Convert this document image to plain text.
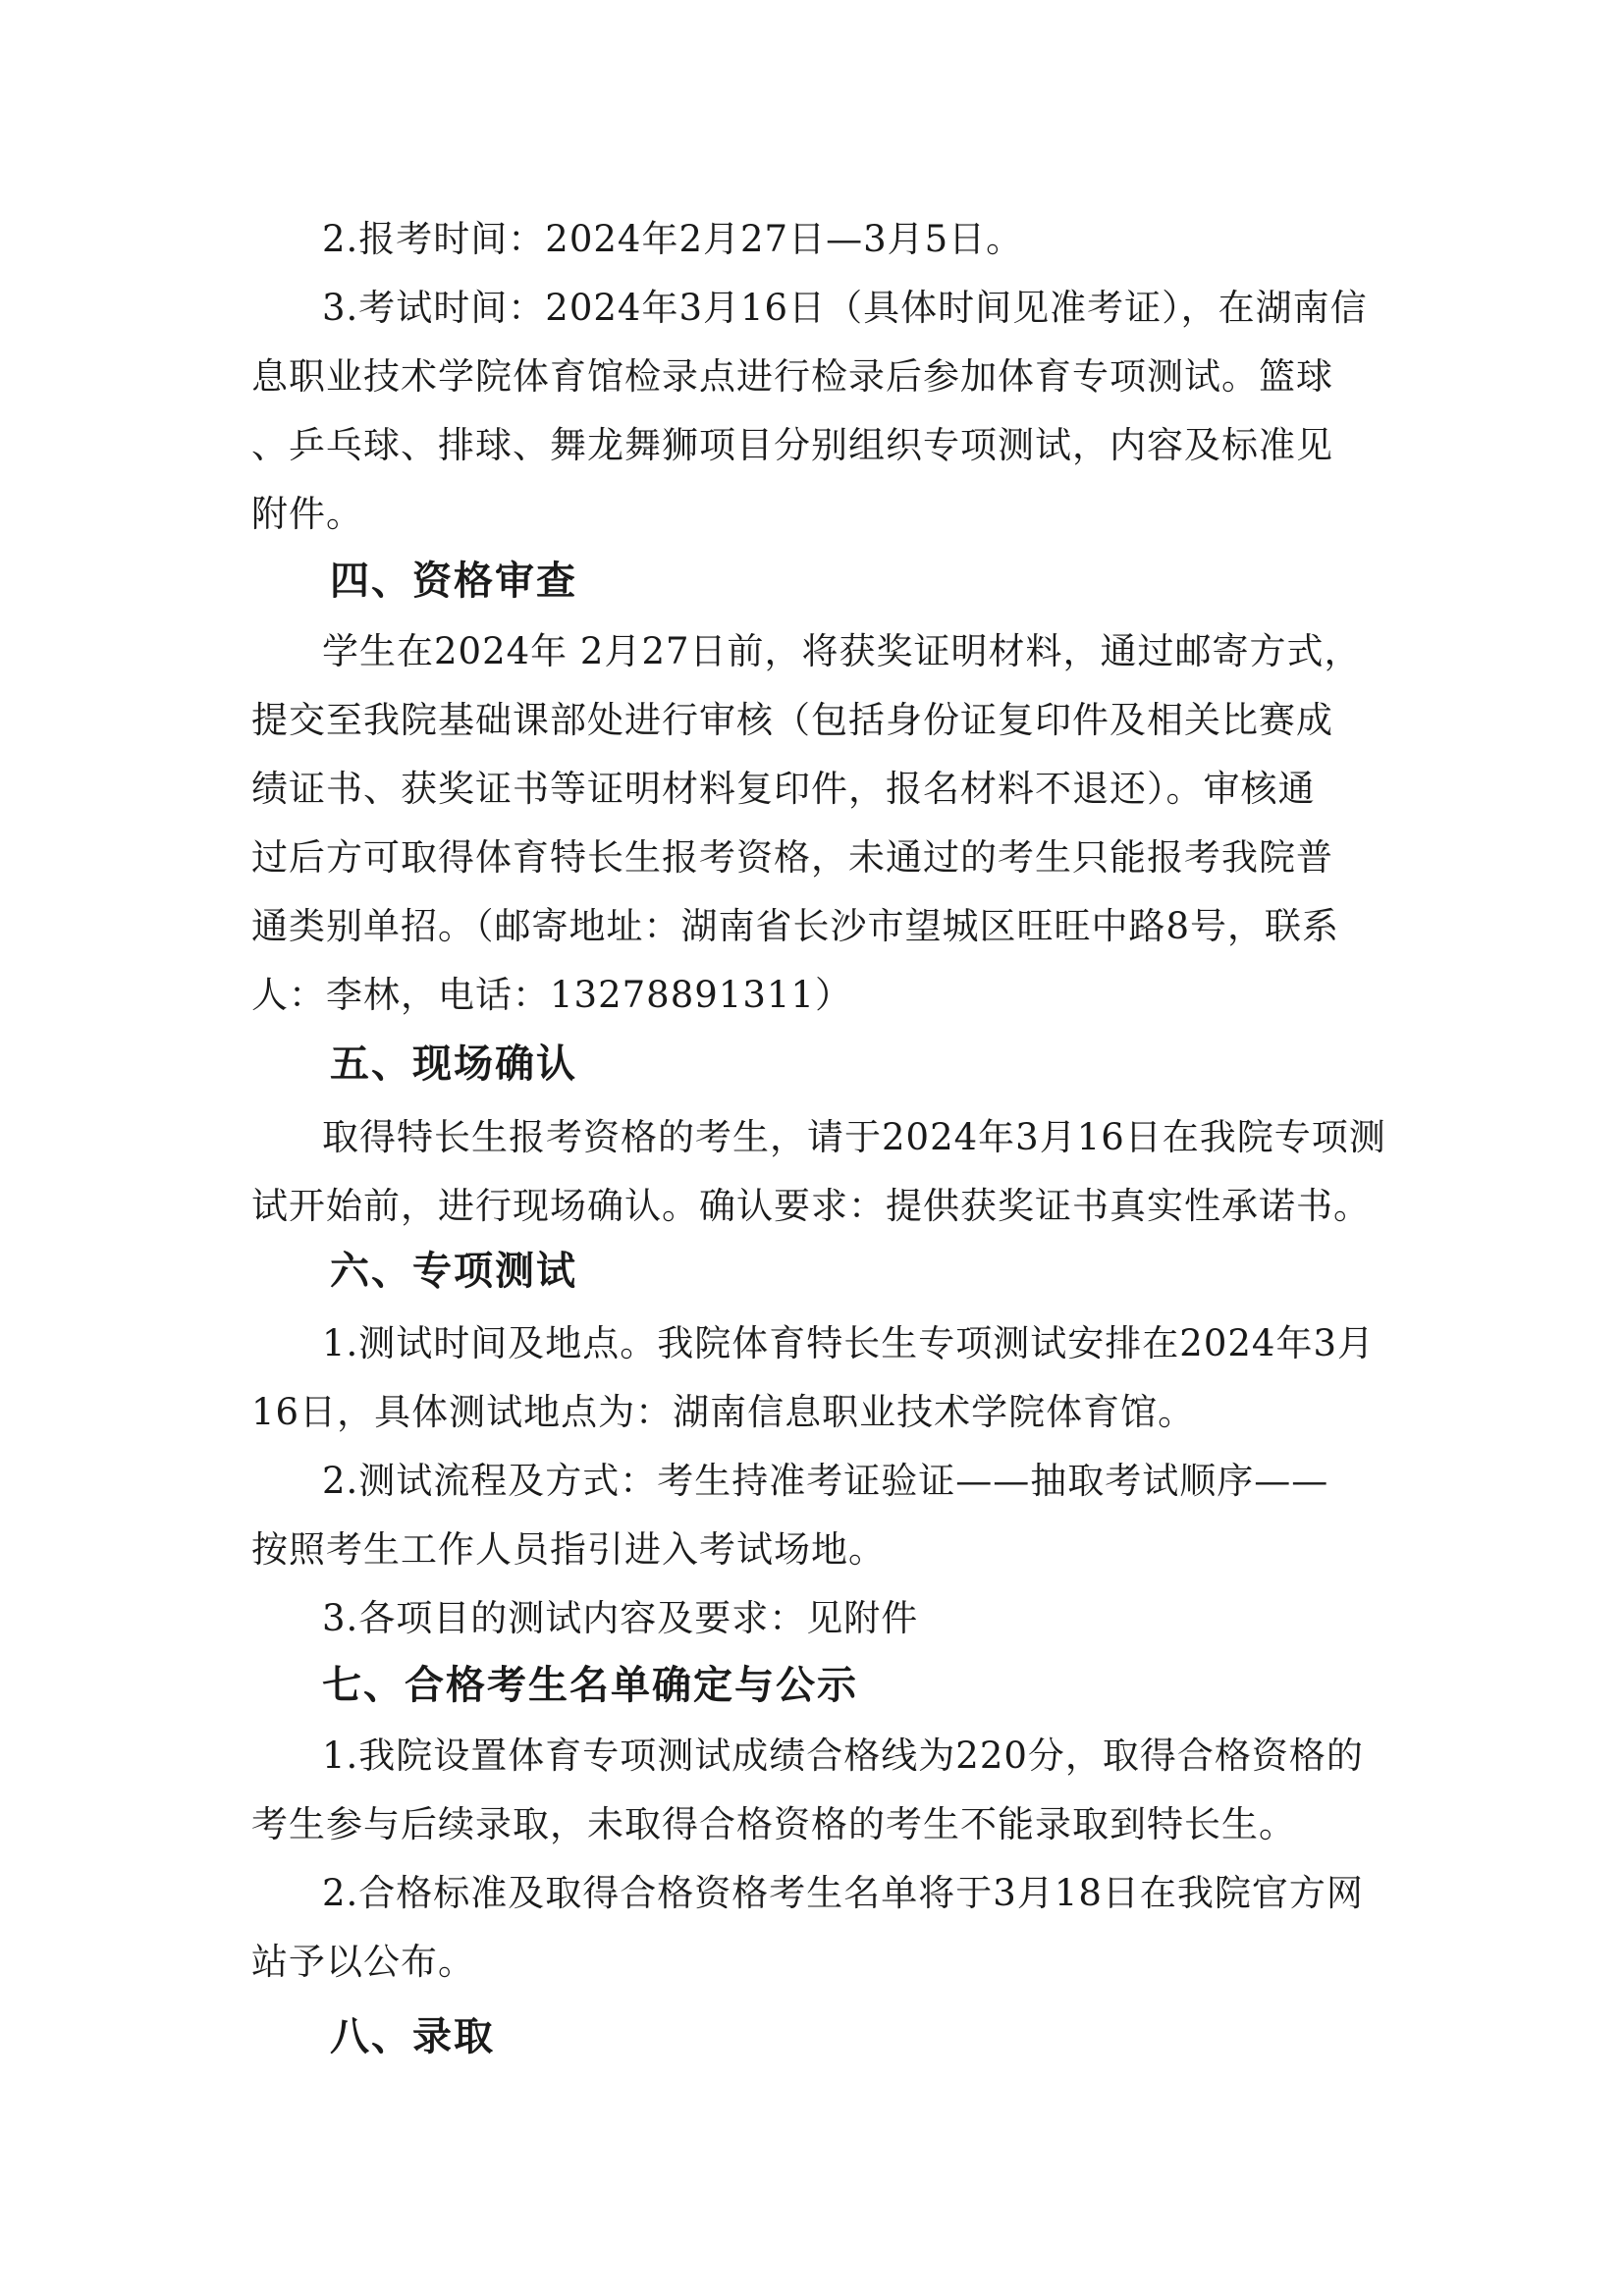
2.报考时间：2024年2月27日—3月5日。
3.考试时间：2024年3月16日（具体时间见准考证），在湖南信
息职业技术学院体育馆检录点进行检录后参加体育专项测试。篮球
、乒乓球、排球、舞龙舞狮项目分别组织专项测试，内容及标准见
附件。
四、资格审查
学生在2024年 2月27日前，将获奖证明材料，通过邮寄方式，
提交至我院基础课部处进行审核（包括身份证复印件及相关比赛成
绩证书、获奖证书等证明材料复印件，报名材料不退还）。审核通
过后方可取得体育特长生报考资格，未通过的考生只能报考我院普
通类别单招。（邮寄地址：湖南省长沙市望城区旺旺中路8号，联系
人：李林，电话：13278891311）
五、现场确认
取得特长生报考资格的考生，请于2024年3月16日在我院专项测
试开始前，进行现场确认。确认要求：提供获奖证书真实性承诺书。
六、专项测试
1.测试时间及地点。我院体育特长生专项测试安排在2024年3月
16日，具体测试地点为：湖南信息职业技术学院体育馆。
2.测试流程及方式：考生持准考证验证——抽取考试顺序——
按照考生工作人员指引进入考试场地。
3.各项目的测试内容及要求：见附件
七、合格考生名单确定与公示
1.我院设置体育专项测试成绩合格线为220分，取得合格资格的
考生参与后续录取，未取得合格资格的考生不能录取到特长生。
2.合格标准及取得合格资格考生名单将于3月18日在我院官方网
站予以公布。
八、录取
